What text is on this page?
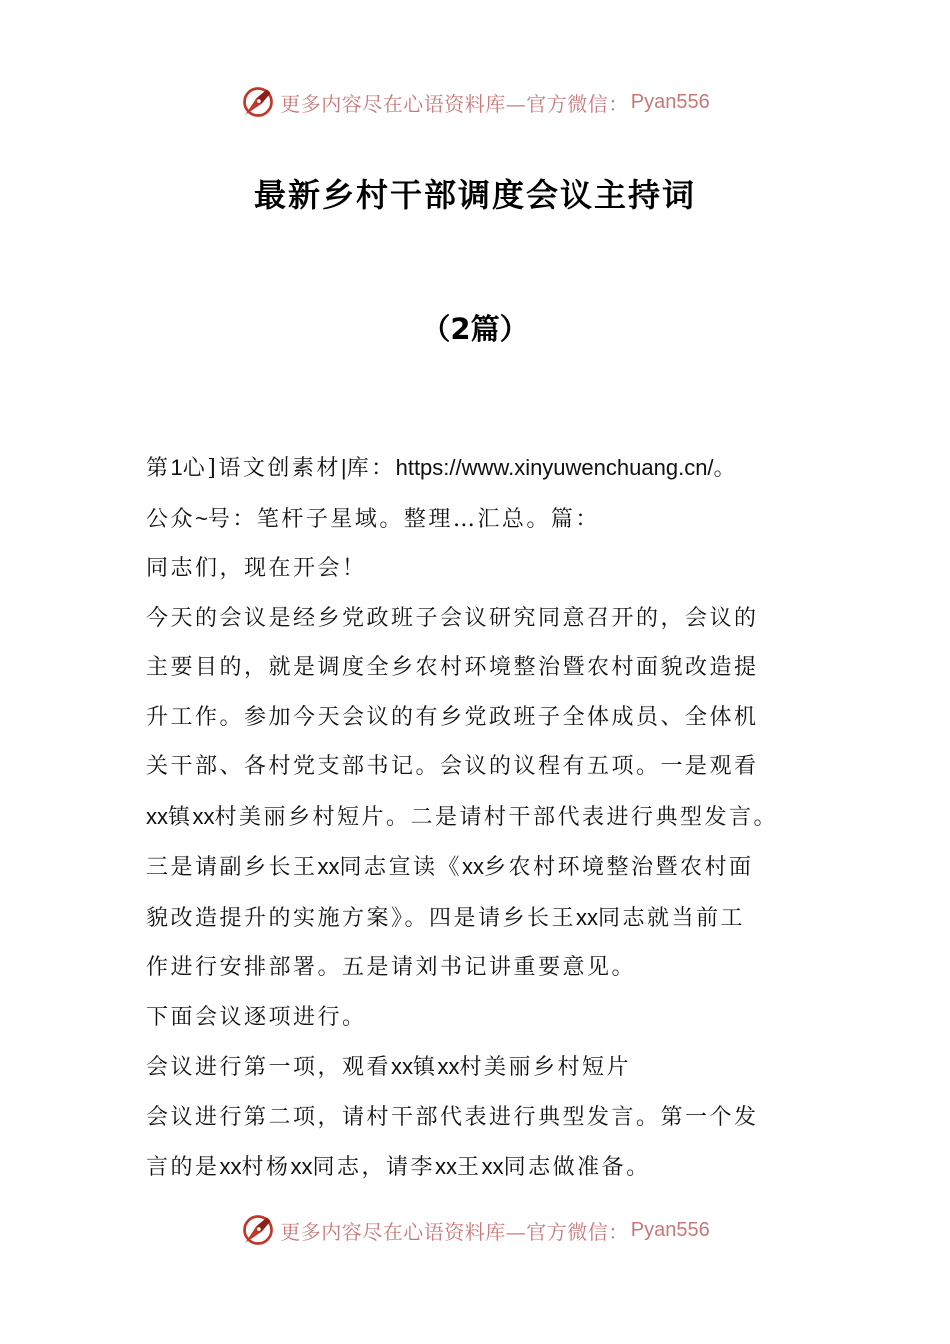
更多内容尽在心语资料库—官方微信： Pyan556
最新乡村干部调度会议主持词
（2篇）

第1心]语文创素材|库：https://www.xinyuwenchuang.cn/。

公众~号：笔杆子星域。整理…汇总。篇：

同志们，现在开会！

今天的会议是经乡党政班子会议研究同意召开的，会议的

主要目的，就是调度全乡农村环境整治暨农村面貌改造提

升工作。参加今天会议的有乡党政班子全体成员、全体机

关干部、各村党支部书记。会议的议程有五项。一是观看

xx镇xx村美丽乡村短片。二是请村干部代表进行典型发言。

三是请副乡长王xx同志宣读《xx乡农村环境整治暨农村面

貌改造提升的实施方案》。四是请乡长王xx同志就当前工

作进行安排部署。五是请刘书记讲重要意见。

下面会议逐项进行。

会议进行第一项，观看xx镇xx村美丽乡村短片

会议进行第二项，请村干部代表进行典型发言。第一个发

言的是xx村杨xx同志，请李xx王xx同志做准备。

更多内容尽在心语资料库—官方微信： Pyan556
